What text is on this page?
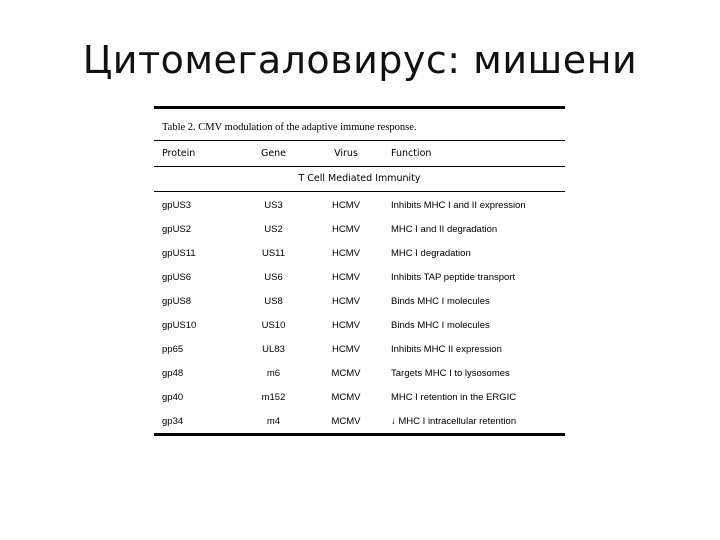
Цитомегаловирус: мишени
Table 2. CMV modulation of the adaptive immune response.
Protein	Gene	Virus	Function
T Cell Mediated Immunity
gpUS3	US3	HCMV	Inhibits MHC I and II expression
gpUS2	US2	HCMV	MHC I and II degradation
gpUS11	US11	HCMV	MHC I degradation
gpUS6	US6	HCMV	Inhibits TAP peptide transport
gpUS8	US8	HCMV	Binds MHC I molecules
gpUS10	US10	HCMV	Binds MHC I molecules
pp65	UL83	HCMV	Inhibits MHC II expression
gp48	m6	MCMV	Targets MHC I to lysosomes
gp40	m152	MCMV	MHC I retention in the ERGIC
gp34	m4	MCMV	↓ MHC I intracellular retention
